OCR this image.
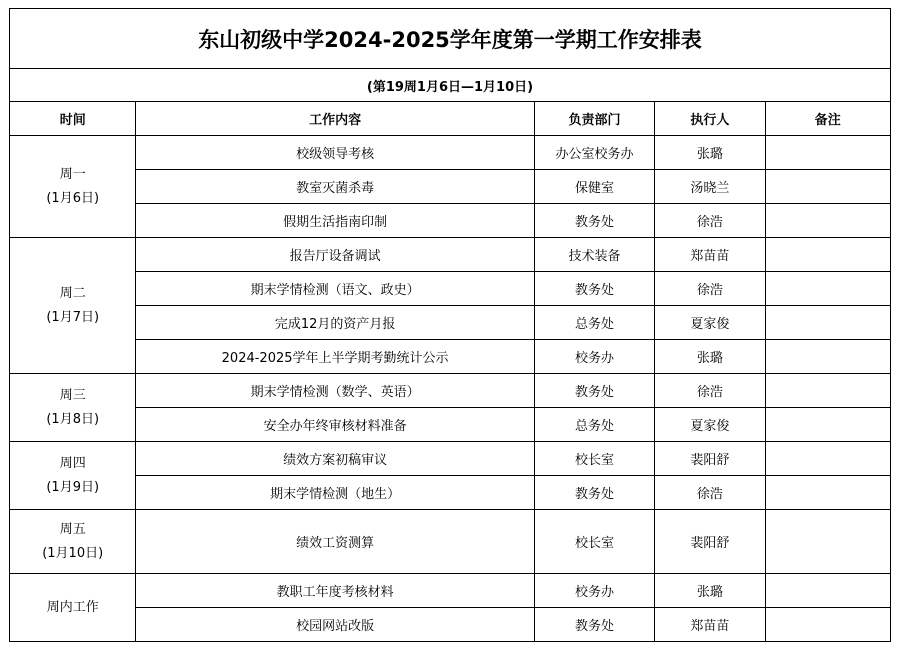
东山初级中学2024-2025学年度第一学期工作安排表				
(第19周1月6日—1月10日)				
时间	工作内容	负责部门	执行人	备注

周一
(1月6日)	校级领导考核	办公室校务办	张璐	
	教室灭菌杀毒	保健室	汤晓兰	
	假期生活指南印制	教务处	徐浩	

周二
(1月7日)	报告厅设备调试	技术装备	郑苗苗	
	期末学情检测（语文、政史）	教务处	徐浩	
	完成12月的资产月报	总务处	夏家俊	
	2024-2025学年上半学期考勤统计公示	校务办	张璐	

周三
(1月8日)	期末学情检测（数学、英语）	教务处	徐浩	
	安全办年终审核材料准备	总务处	夏家俊	

周四
(1月9日)	绩效方案初稿审议	校长室	裴阳舒	
	期末学情检测（地生）	教务处	徐浩	

周五
(1月10日)	绩效工资测算	校长室	裴阳舒	

周内工作	教职工年度考核材料	校务办	张璐	
	校园网站改版	教务处	郑苗苗	
